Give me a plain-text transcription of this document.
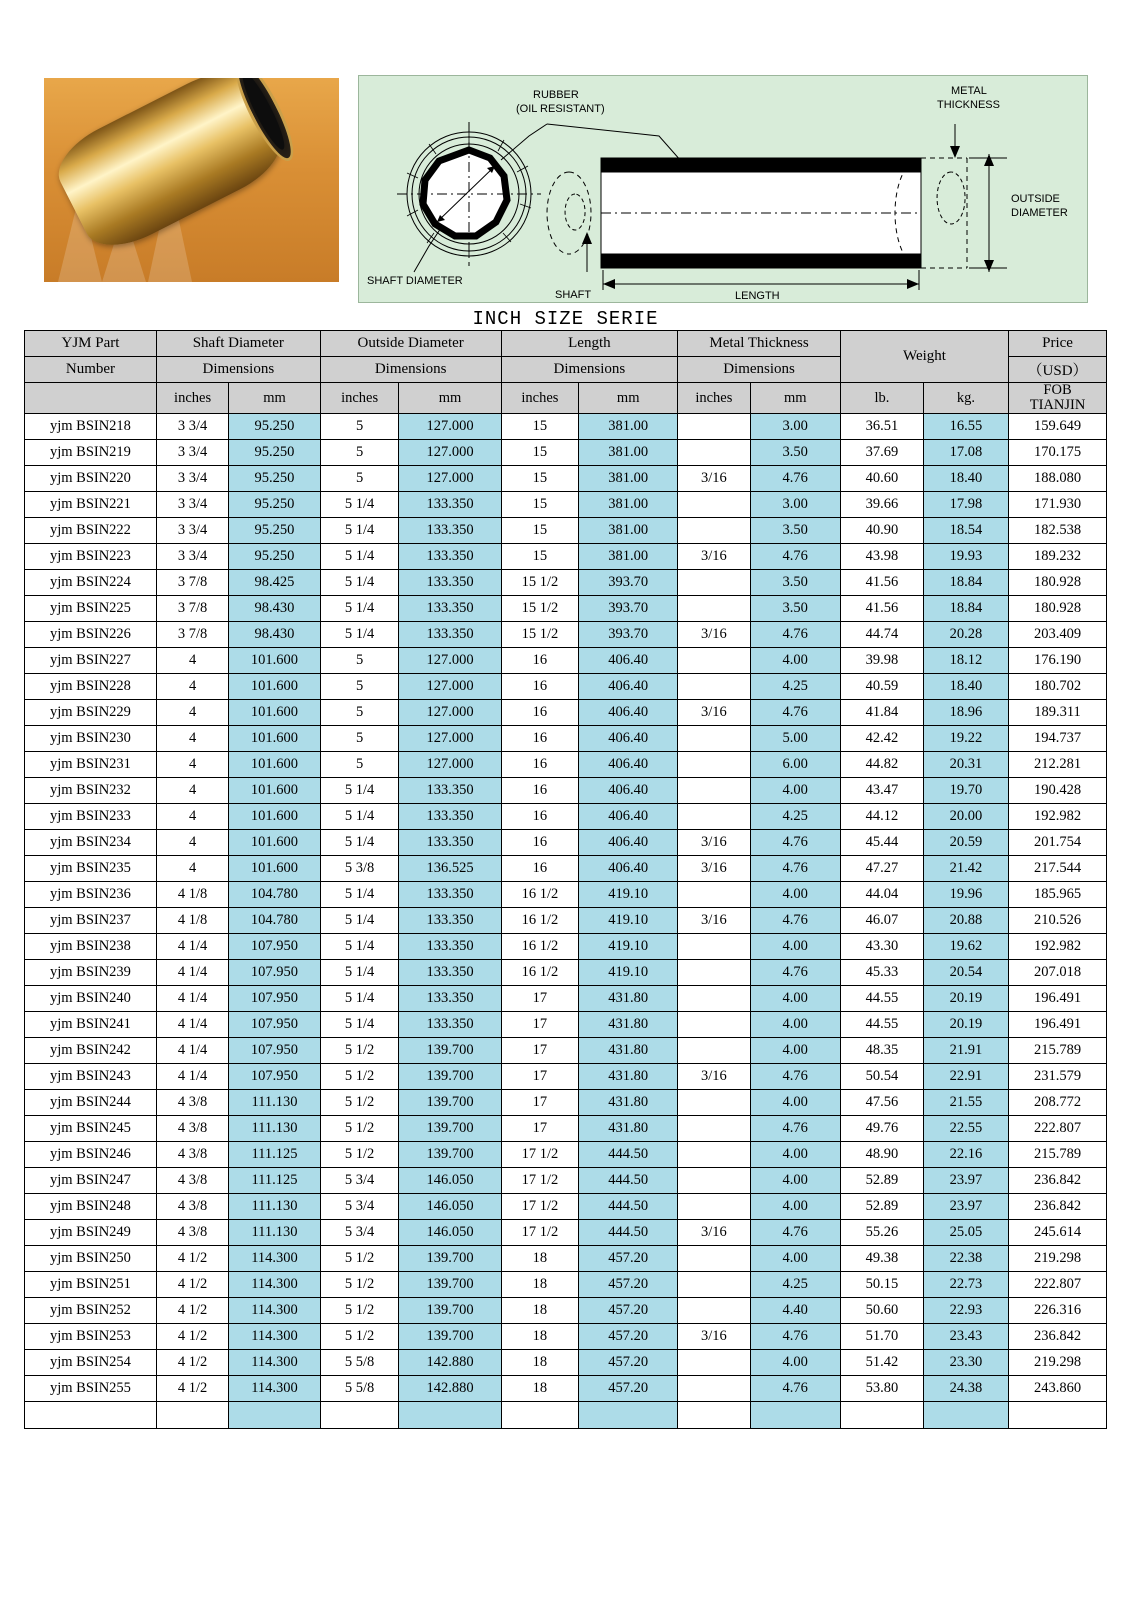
RUBBER
(OIL RESISTANT)
METAL
THICKNESS
OUTSIDE
DIAMETER
SHAFT DIAMETER
SHAFT	LENGTH
INCH SIZE SERIE
YJM Part	Shaft Diameter		Outside Diameter		Length		Metal Thickness		Weight		Price
Number	Dimensions		Dimensions		Dimensions		Dimensions				（USD）
	inches	mm	inches	mm	inches	mm	inches	mm	lb.	kg.	FOB
TIANJIN

yjm BSIN218	3 3/4	95.250	5	127.000	15	381.00		3.00	36.51	16.55	159.649
yjm BSIN219	3 3/4	95.250	5	127.000	15	381.00		3.50	37.69	17.08	170.175
yjm BSIN220	3 3/4	95.250	5	127.000	15	381.00	3/16	4.76	40.60	18.40	188.080
yjm BSIN221	3 3/4	95.250	5 1/4	133.350	15	381.00		3.00	39.66	17.98	171.930
yjm BSIN222	3 3/4	95.250	5 1/4	133.350	15	381.00		3.50	40.90	18.54	182.538
yjm BSIN223	3 3/4	95.250	5 1/4	133.350	15	381.00	3/16	4.76	43.98	19.93	189.232
yjm BSIN224	3 7/8	98.425	5 1/4	133.350	15 1/2	393.70		3.50	41.56	18.84	180.928
yjm BSIN225	3 7/8	98.430	5 1/4	133.350	15 1/2	393.70		3.50	41.56	18.84	180.928
yjm BSIN226	3 7/8	98.430	5 1/4	133.350	15 1/2	393.70	3/16	4.76	44.74	20.28	203.409
yjm BSIN227	4	101.600	5	127.000	16	406.40		4.00	39.98	18.12	176.190
yjm BSIN228	4	101.600	5	127.000	16	406.40		4.25	40.59	18.40	180.702
yjm BSIN229	4	101.600	5	127.000	16	406.40	3/16	4.76	41.84	18.96	189.311
yjm BSIN230	4	101.600	5	127.000	16	406.40		5.00	42.42	19.22	194.737
yjm BSIN231	4	101.600	5	127.000	16	406.40		6.00	44.82	20.31	212.281
yjm BSIN232	4	101.600	5 1/4	133.350	16	406.40		4.00	43.47	19.70	190.428
yjm BSIN233	4	101.600	5 1/4	133.350	16	406.40		4.25	44.12	20.00	192.982
yjm BSIN234	4	101.600	5 1/4	133.350	16	406.40	3/16	4.76	45.44	20.59	201.754
yjm BSIN235	4	101.600	5 3/8	136.525	16	406.40	3/16	4.76	47.27	21.42	217.544
yjm BSIN236	4 1/8	104.780	5 1/4	133.350	16 1/2	419.10		4.00	44.04	19.96	185.965
yjm BSIN237	4 1/8	104.780	5 1/4	133.350	16 1/2	419.10	3/16	4.76	46.07	20.88	210.526
yjm BSIN238	4 1/4	107.950	5 1/4	133.350	16 1/2	419.10		4.00	43.30	19.62	192.982
yjm BSIN239	4 1/4	107.950	5 1/4	133.350	16 1/2	419.10		4.76	45.33	20.54	207.018
yjm BSIN240	4 1/4	107.950	5 1/4	133.350	17	431.80		4.00	44.55	20.19	196.491
yjm BSIN241	4 1/4	107.950	5 1/4	133.350	17	431.80		4.00	44.55	20.19	196.491
yjm BSIN242	4 1/4	107.950	5 1/2	139.700	17	431.80		4.00	48.35	21.91	215.789
yjm BSIN243	4 1/4	107.950	5 1/2	139.700	17	431.80	3/16	4.76	50.54	22.91	231.579
yjm BSIN244	4 3/8	111.130	5 1/2	139.700	17	431.80		4.00	47.56	21.55	208.772
yjm BSIN245	4 3/8	111.130	5 1/2	139.700	17	431.80		4.76	49.76	22.55	222.807
yjm BSIN246	4 3/8	111.125	5 1/2	139.700	17 1/2	444.50		4.00	48.90	22.16	215.789
yjm BSIN247	4 3/8	111.125	5 3/4	146.050	17 1/2	444.50		4.00	52.89	23.97	236.842
yjm BSIN248	4 3/8	111.130	5 3/4	146.050	17 1/2	444.50		4.00	52.89	23.97	236.842
yjm BSIN249	4 3/8	111.130	5 3/4	146.050	17 1/2	444.50	3/16	4.76	55.26	25.05	245.614
yjm BSIN250	4 1/2	114.300	5 1/2	139.700	18	457.20		4.00	49.38	22.38	219.298
yjm BSIN251	4 1/2	114.300	5 1/2	139.700	18	457.20		4.25	50.15	22.73	222.807
yjm BSIN252	4 1/2	114.300	5 1/2	139.700	18	457.20		4.40	50.60	22.93	226.316
yjm BSIN253	4 1/2	114.300	5 1/2	139.700	18	457.20	3/16	4.76	51.70	23.43	236.842
yjm BSIN254	4 1/2	114.300	5 5/8	142.880	18	457.20		4.00	51.42	23.30	219.298
yjm BSIN255	4 1/2	114.300	5 5/8	142.880	18	457.20		4.76	53.80	24.38	243.860
